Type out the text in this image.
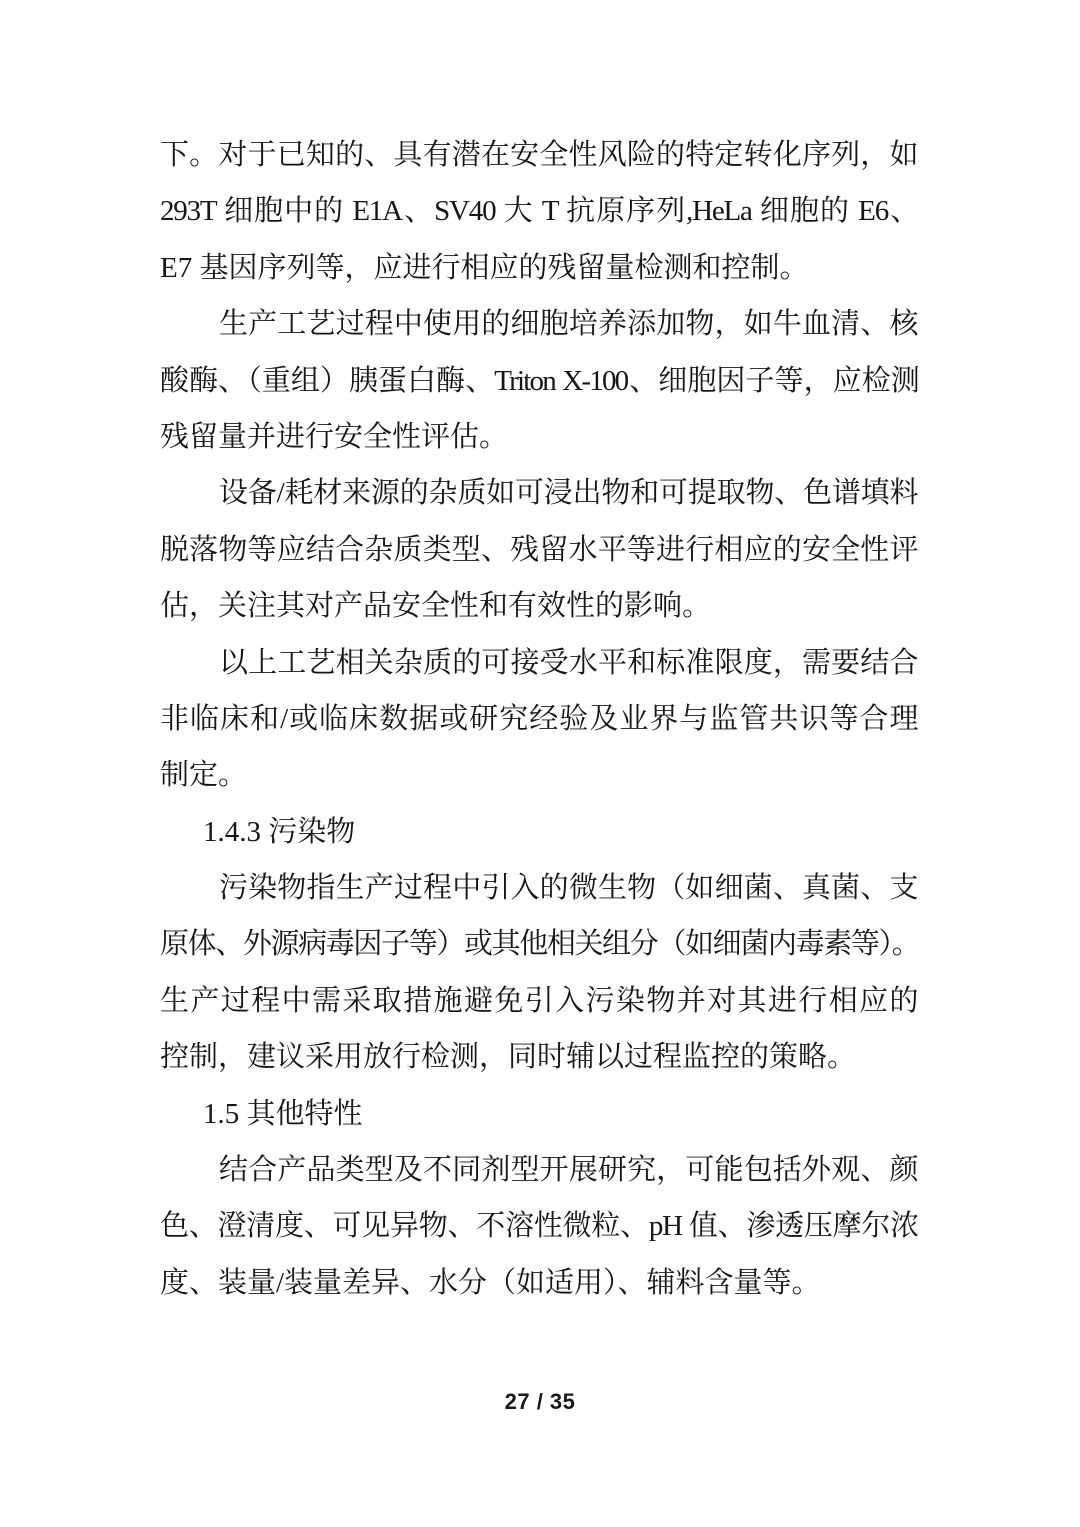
下。对于已知的、具有潜在安全性风险的特定转化序列，如
293T 细胞中的 E1A、SV40 大 T 抗原序列,HeLa 细胞的 E6、
E7 基因序列等，应进行相应的残留量检测和控制。
生产工艺过程中使用的细胞培养添加物，如牛血清、核
酸酶、（重组）胰蛋白酶、Triton X-100、细胞因子等，应检测
残留量并进行安全性评估。
设备/耗材来源的杂质如可浸出物和可提取物、色谱填料
脱落物等应结合杂质类型、残留水平等进行相应的安全性评
估，关注其对产品安全性和有效性的影响。
以上工艺相关杂质的可接受水平和标准限度，需要结合
非临床和/或临床数据或研究经验及业界与监管共识等合理
制定。
1.4.3 污染物
污染物指生产过程中引入的微生物（如细菌、真菌、支
原体、外源病毒因子等）或其他相关组分（如细菌内毒素等）。
生产过程中需采取措施避免引入污染物并对其进行相应的
控制，建议采用放行检测，同时辅以过程监控的策略。
1.5 其他特性
结合产品类型及不同剂型开展研究，可能包括外观、颜
色、澄清度、可见异物、不溶性微粒、pH 值、渗透压摩尔浓
度、装量/装量差异、水分（如适用）、辅料含量等。
27 / 35
